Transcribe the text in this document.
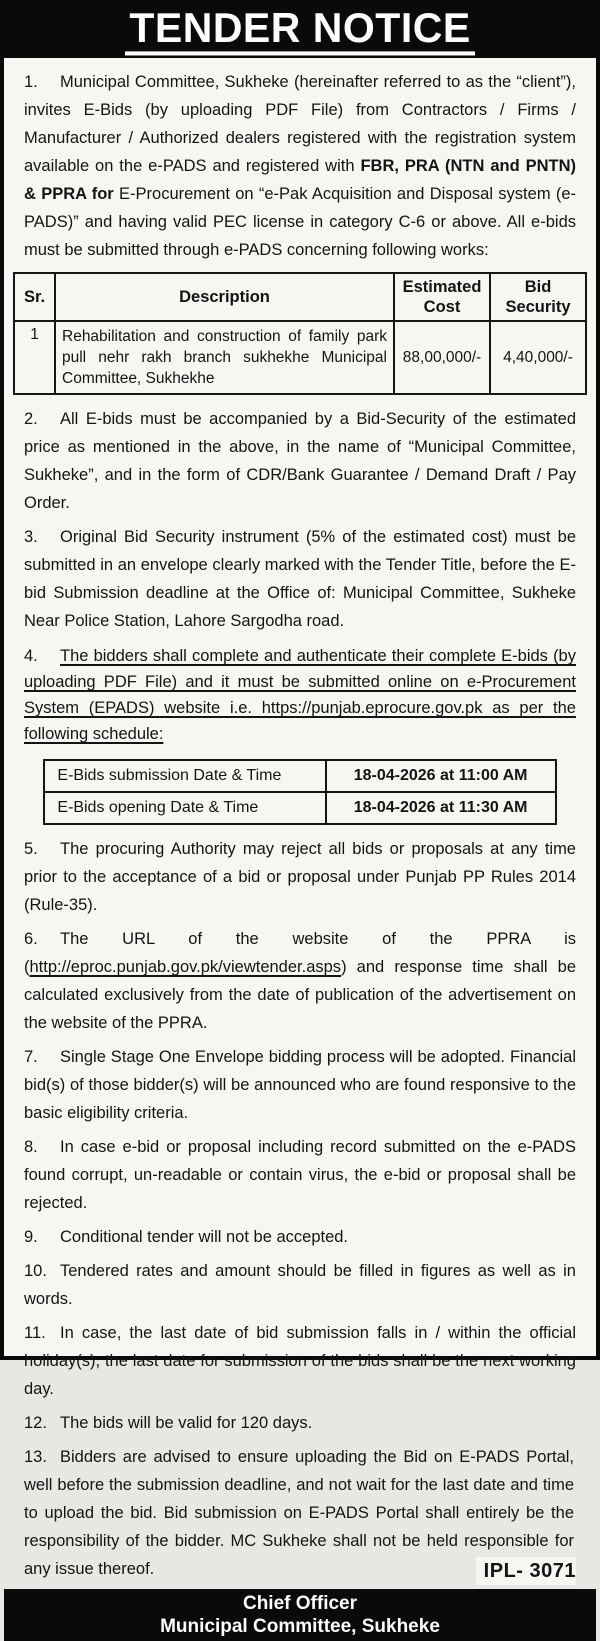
TENDER NOTICE

1. Municipal Committee, Sukheke (hereinafter referred to as the “client”), invites E-Bids (by uploading PDF File) from Contractors / Firms / Manufacturer / Authorized dealers registered with the registration system available on the e-PADS and registered with FBR, PRA (NTN and PNTN) & PPRA for E-Procurement on “e-Pak Acquisition and Disposal system (e-PADS)” and having valid PEC license in category C-6 or above. All e-bids must be submitted through e-PADS concerning following works:

Sr.	Description	Estimated Cost	Bid Security
1	Rehabilitation and construction of family park pull nehr rakh branch sukhekhe Municipal Committee, Sukhekhe	88,00,000/-	4,40,000/-

2. All E-bids must be accompanied by a Bid-Security of the estimated price as mentioned in the above, in the name of “Municipal Committee, Sukheke”, and in the form of CDR/Bank Guarantee / Demand Draft / Pay Order.

3. Original Bid Security instrument (5% of the estimated cost) must be submitted in an envelope clearly marked with the Tender Title, before the E-bid Submission deadline at the Office of: Municipal Committee, Sukheke Near Police Station, Lahore Sargodha road.

4. The bidders shall complete and authenticate their complete E-bids (by uploading PDF File) and it must be submitted online on e-Procurement System (EPADS) website i.e. https://punjab.eprocure.gov.pk as per the following schedule:

E-Bids submission Date & Time	18-04-2026 at 11:00 AM
E-Bids opening Date & Time	18-04-2026 at 11:30 AM

5. The procuring Authority may reject all bids or proposals at any time prior to the acceptance of a bid or proposal under Punjab PP Rules 2014 (Rule-35).

6. The URL of the website of the PPRA is (http://eproc.punjab.gov.pk/viewtender.asps) and response time shall be calculated exclusively from the date of publication of the advertisement on the website of the PPRA.

7. Single Stage One Envelope bidding process will be adopted. Financial bid(s) of those bidder(s) will be announced who are found responsive to the basic eligibility criteria.

8. In case e-bid or proposal including record submitted on the e-PADS found corrupt, un-readable or contain virus, the e-bid or proposal shall be rejected.

9. Conditional tender will not be accepted.

10. Tendered rates and amount should be filled in figures as well as in words.

11. In case, the last date of bid submission falls in / within the official holiday(s), the last date for submission of the bids shall be the next working day.

12. The bids will be valid for 120 days.

13. Bidders are advised to ensure uploading the Bid on E-PADS Portal, well before the submission deadline, and not wait for the last date and time to upload the bid. Bid submission on E-PADS Portal shall entirely be the responsibility of the bidder. MC Sukheke shall not be held responsible for any issue thereof.	IPL- 3071

Chief Officer
Municipal Committee, Sukheke
